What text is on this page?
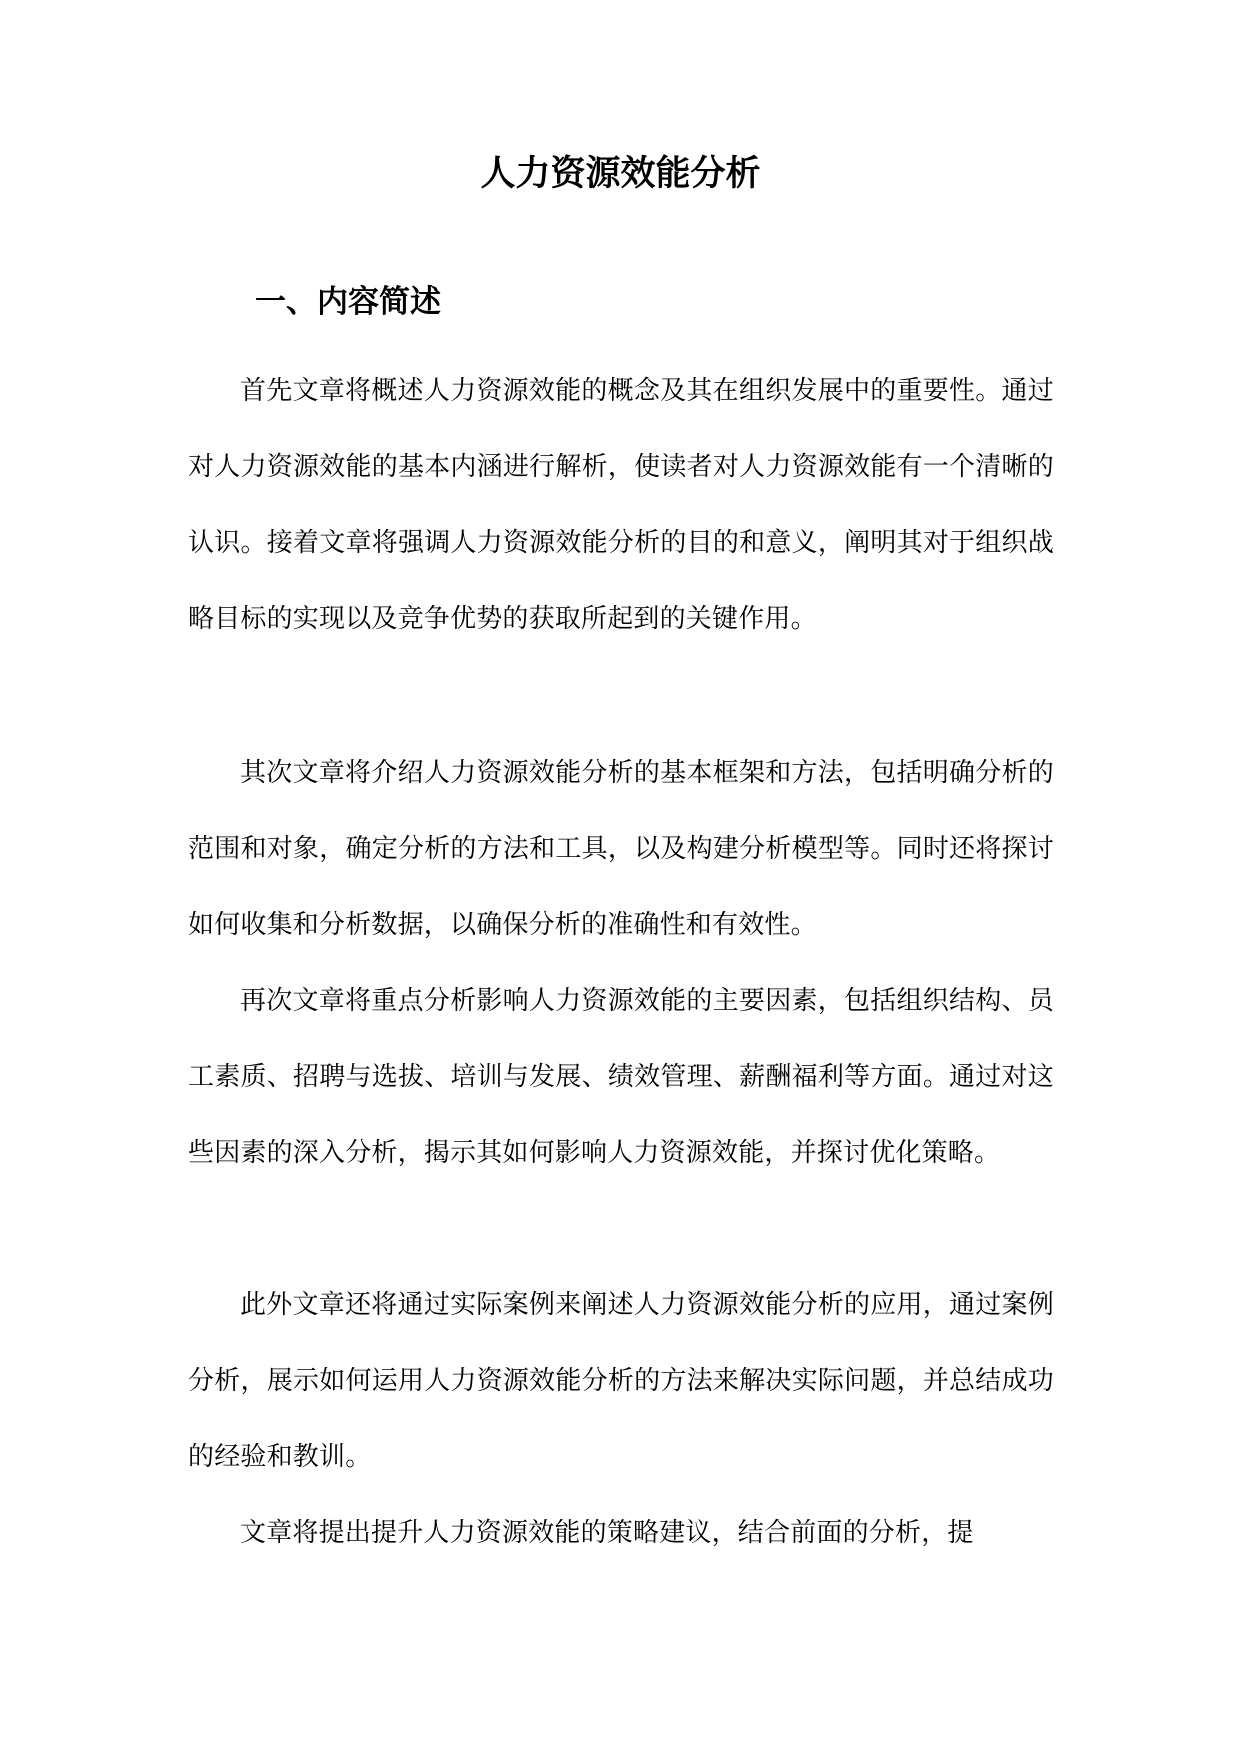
人力资源效能分析
一、内容简述

首先文章将概述人力资源效能的概念及其在组织发展中的重要性。通过对人力资源效能的基本内涵进行解析，使读者对人力资源效能有一个清晰的认识。接着文章将强调人力资源效能分析的目的和意义，阐明其对于组织战略目标的实现以及竞争优势的获取所起到的关键作用。

其次文章将介绍人力资源效能分析的基本框架和方法，包括明确分析的范围和对象，确定分析的方法和工具，以及构建分析模型等。同时还将探讨如何收集和分析数据，以确保分析的准确性和有效性。

再次文章将重点分析影响人力资源效能的主要因素，包括组织结构、员工素质、招聘与选拔、培训与发展、绩效管理、薪酬福利等方面。通过对这些因素的深入分析，揭示其如何影响人力资源效能，并探讨优化策略。

此外文章还将通过实际案例来阐述人力资源效能分析的应用，通过案例分析，展示如何运用人力资源效能分析的方法来解决实际问题，并总结成功的经验和教训。

文章将提出提升人力资源效能的策略建议，结合前面的分析，提
